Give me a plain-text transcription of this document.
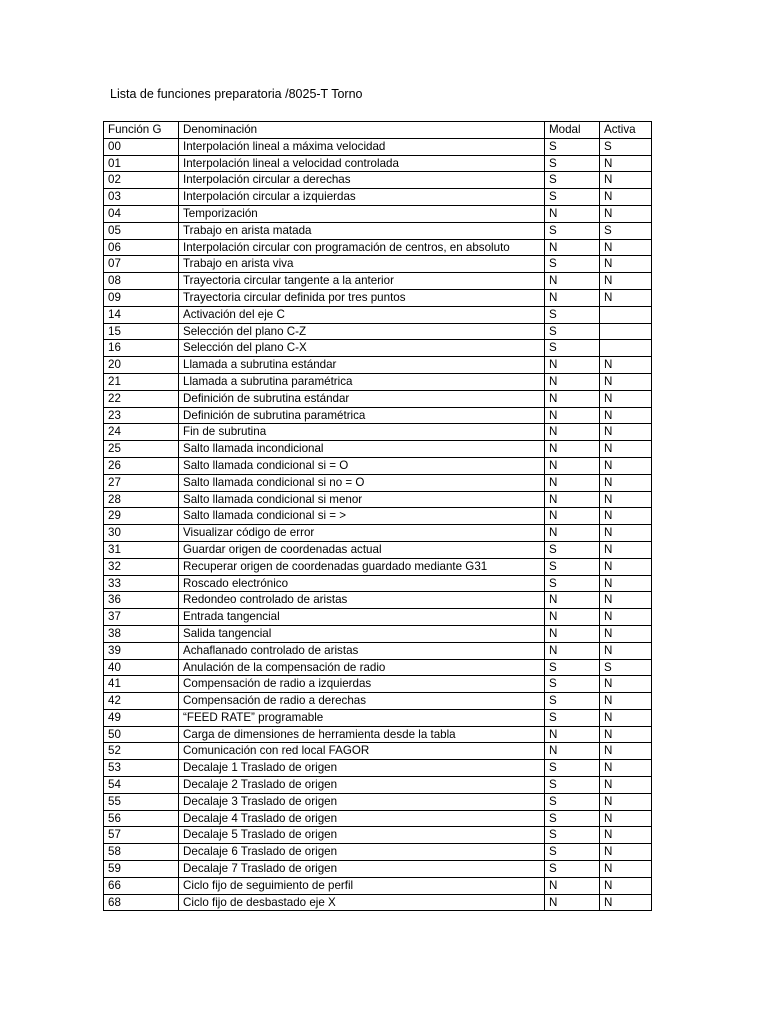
Lista de funciones preparatoria /8025-T Torno
Función G	Denominación	Modal	Activa
00	Interpolación lineal a máxima velocidad	S	S
01	Interpolación lineal a velocidad controlada	S	N
02	Interpolación circular a derechas	S	N
03	Interpolación circular a izquierdas	S	N
04	Temporización	N	N
05	Trabajo en arista matada	S	S
06	Interpolación circular con programación de centros, en absoluto	N	N
07	Trabajo en arista viva	S	N
08	Trayectoria circular tangente a la anterior	N	N
09	Trayectoria circular definida por tres puntos	N	N
14	Activación del eje C	S	
15	Selección del plano C-Z	S	
16	Selección del plano C-X	S	
20	Llamada a subrutina estándar	N	N
21	Llamada a subrutina paramétrica	N	N
22	Definición de subrutina estándar	N	N
23	Definición de subrutina paramétrica	N	N
24	Fin de subrutina	N	N
25	Salto llamada incondicional	N	N
26	Salto llamada condicional si = O	N	N
27	Salto llamada condicional si no = O	N	N
28	Salto llamada condicional si menor	N	N
29	Salto llamada condicional si = >	N	N
30	Visualizar código de error	N	N
31	Guardar origen de coordenadas actual	S	N
32	Recuperar origen de coordenadas guardado mediante G31	S	N
33	Roscado electrónico	S	N
36	Redondeo controlado de aristas	N	N
37	Entrada tangencial	N	N
38	Salida tangencial	N	N
39	Achaflanado controlado de aristas	N	N
40	Anulación de la compensación de radio	S	S
41	Compensación de radio a izquierdas	S	N
42	Compensación de radio a derechas	S	N
49	“FEED RATE” programable	S	N
50	Carga de dimensiones de herramienta desde la tabla	N	N
52	Comunicación con red local FAGOR	N	N
53	Decalaje 1 Traslado de origen	S	N
54	Decalaje 2 Traslado de origen	S	N
55	Decalaje 3 Traslado de origen	S	N
56	Decalaje 4 Traslado de origen	S	N
57	Decalaje 5 Traslado de origen	S	N
58	Decalaje 6 Traslado de origen	S	N
59	Decalaje 7 Traslado de origen	S	N
66	Ciclo fijo de seguimiento de perfil	N	N
68	Ciclo fijo de desbastado eje X	N	N
